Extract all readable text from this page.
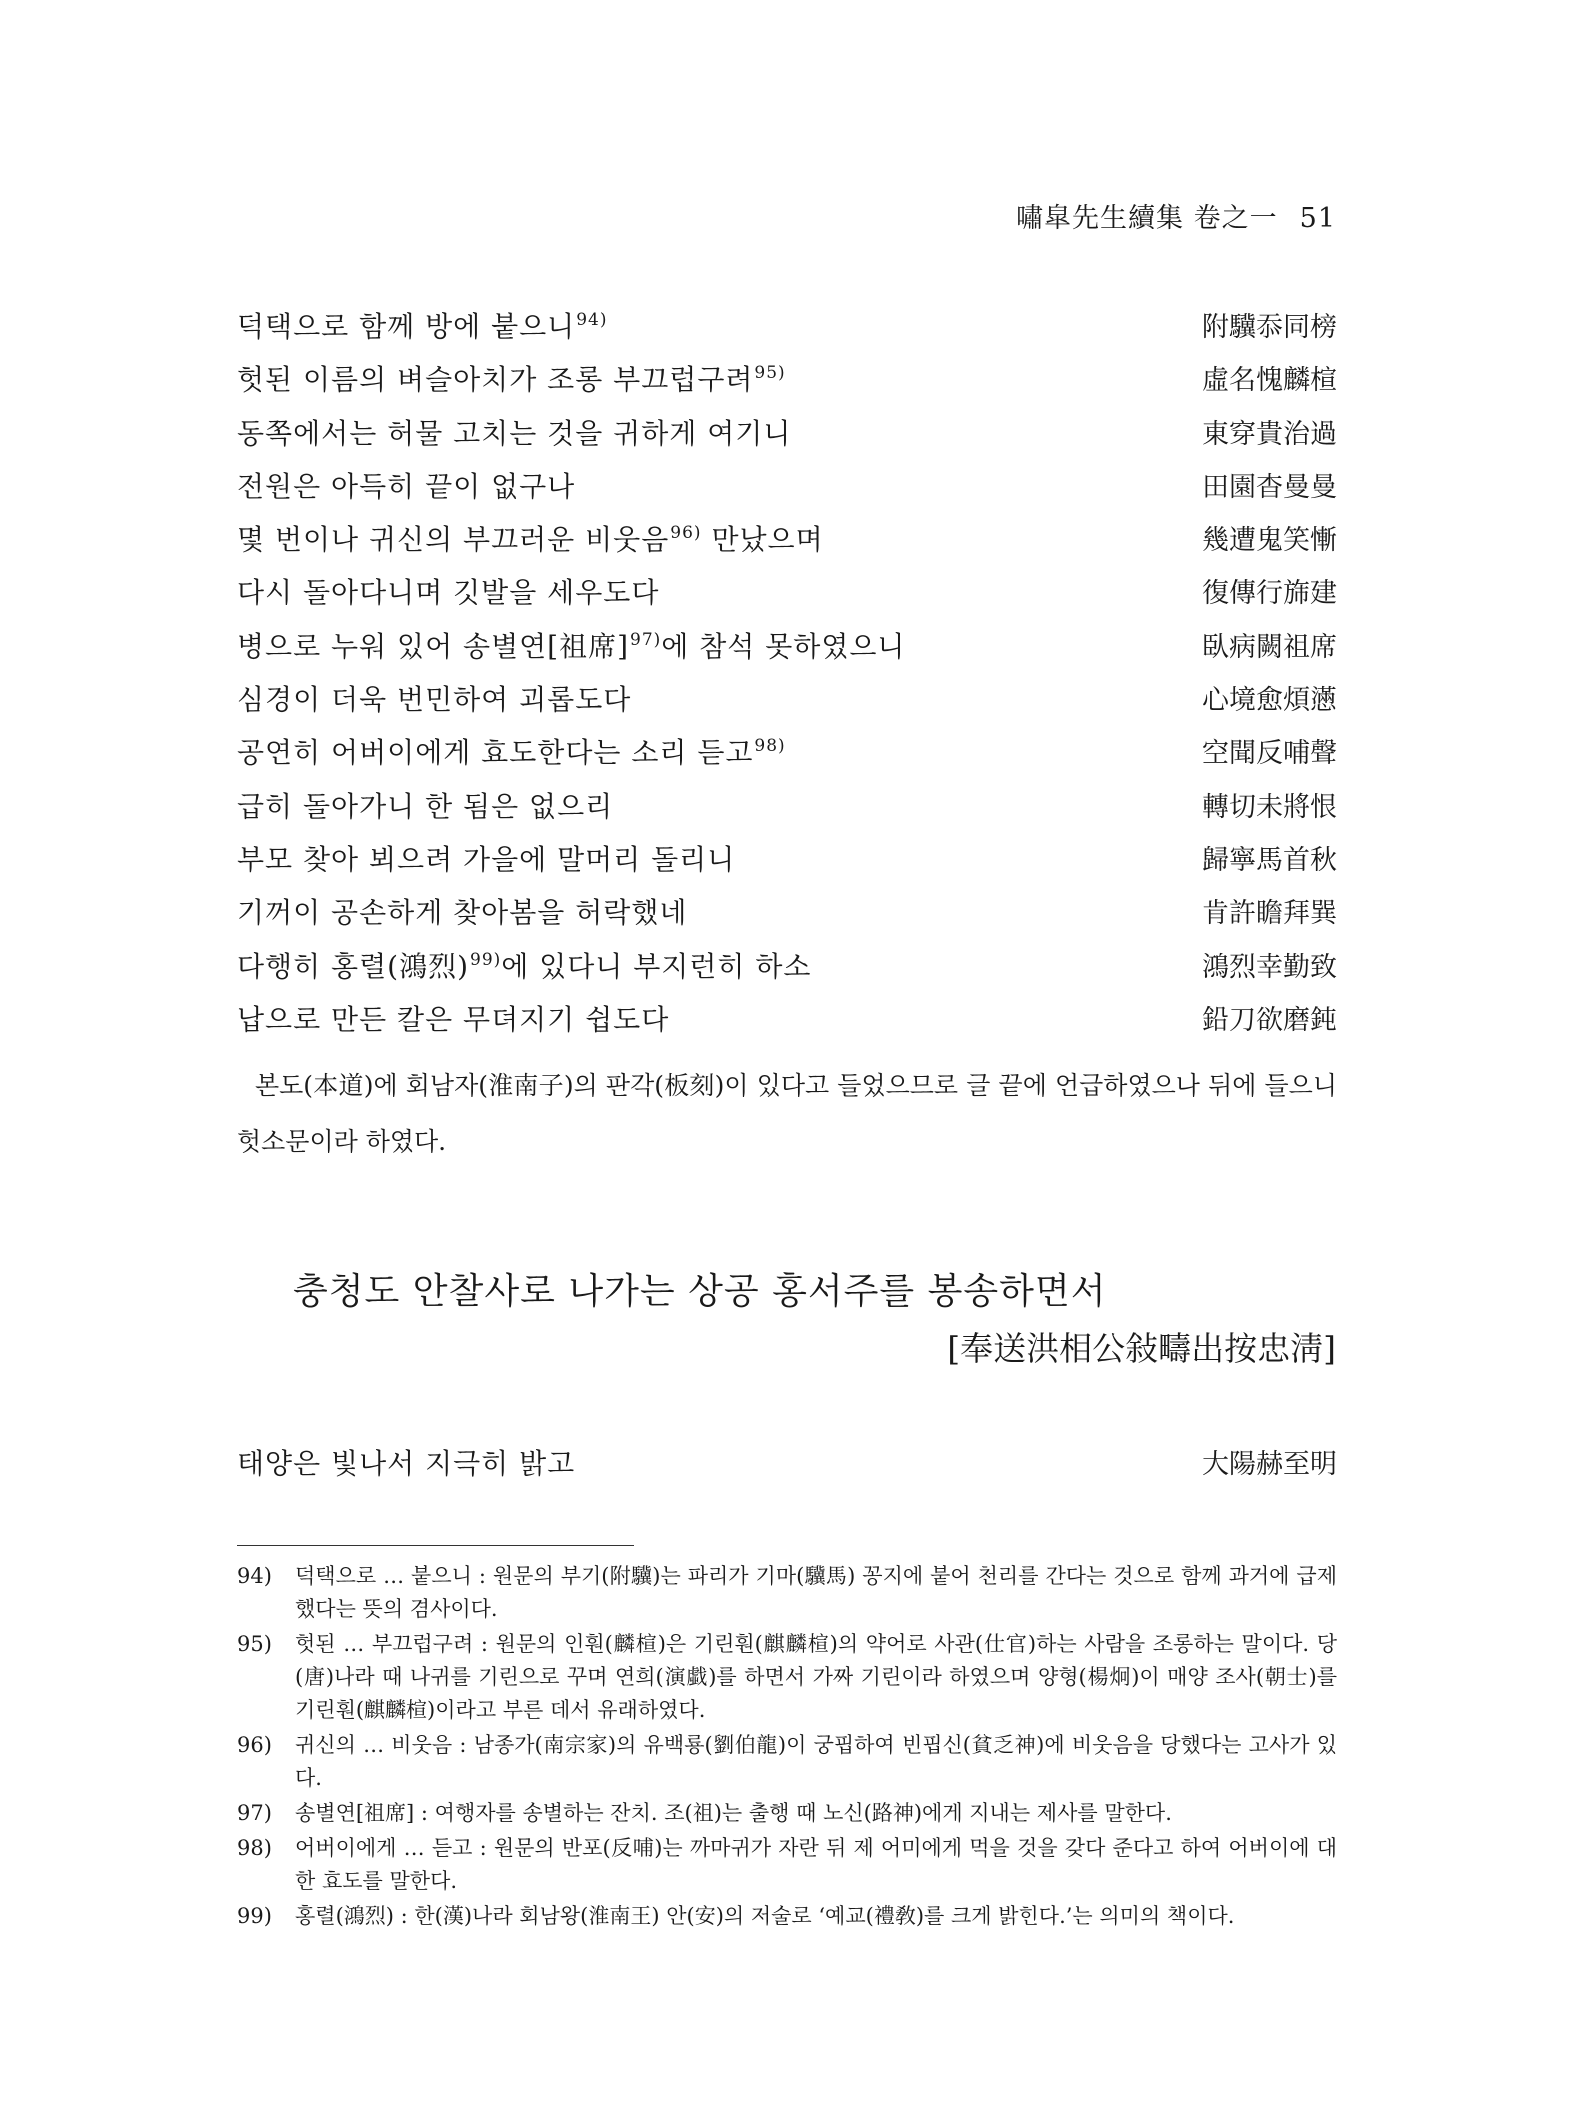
嘯皐先生續集 卷之一 51
덕택으로 함께 방에 붙으니$^{94)}$	附驥忝同榜
헛된 이름의 벼슬아치가 조롱 부끄럽구려$^{95)}$	虛名愧麟楦
동쪽에서는 허물 고치는 것을 귀하게 여기니	東穿貴治過
전원은 아득히 끝이 없구나	田園杳曼曼
몇 번이나 귀신의 부끄러운 비웃음$^{96)}$ 만났으며	幾遭鬼笑慚
다시 돌아다니며 깃발을 세우도다	復傳行旆建
병으로 누워 있어 송별연[祖席]$^{97)}$에 참석 못하였으니	臥病闕祖席
심경이 더욱 번민하여 괴롭도다	心境愈煩懣
공연히 어버이에게 효도한다는 소리 듣고$^{98)}$	空聞反哺聲
급히 돌아가니 한 됨은 없으리	轉切未將恨
부모 찾아 뵈으려 가을에 말머리 돌리니	歸寧馬首秋
기꺼이 공손하게 찾아봄을 허락했네	肯許瞻拜巽
다행히 홍렬(鴻烈)$^{99)}$에 있다니 부지런히 하소	鴻烈幸勤致
납으로 만든 칼은 무뎌지기 쉽도다	鉛刀欲磨鈍
본도(本道)에 회남자(淮南子)의 판각(板刻)이 있다고 들었으므로 글 끝에 언급하였으나 뒤에 들으니 헛소문이라 하였다.
충청도 안찰사로 나가는 상공 홍서주를 봉송하면서
[奉送洪相公敍疇出按忠淸]
태양은 빛나서 지극히 밝고	大陽赫至明
94) 덕택으로 … 붙으니 : 원문의 부기(附驥)는 파리가 기마(驥馬) 꽁지에 붙어 천리를 간다는 것으로 함께 과거에 급제했다는 뜻의 겸사이다.
95) 헛된 … 부끄럽구려 : 원문의 인훤(麟楦)은 기린훤(麒麟楦)의 약어로 사관(仕官)하는 사람을 조롱하는 말이다. 당(唐)나라 때 나귀를 기린으로 꾸며 연희(演戱)를 하면서 가짜 기린이라 하였으며 양형(楊炯)이 매양 조사(朝士)를 기린훤(麒麟楦)이라고 부른 데서 유래하였다.
96) 귀신의 … 비웃음 : 남종가(南宗家)의 유백룡(劉伯龍)이 궁핍하여 빈핍신(貧乏神)에 비웃음을 당했다는 고사가 있다.
97) 송별연[祖席] : 여행자를 송별하는 잔치. 조(祖)는 출행 때 노신(路神)에게 지내는 제사를 말한다.
98) 어버이에게 … 듣고 : 원문의 반포(反哺)는 까마귀가 자란 뒤 제 어미에게 먹을 것을 갖다 준다고 하여 어버이에 대한 효도를 말한다.
99) 홍렬(鴻烈) : 한(漢)나라 회남왕(淮南王) 안(安)의 저술로 ‘예교(禮敎)를 크게 밝힌다.’는 의미의 책이다.
